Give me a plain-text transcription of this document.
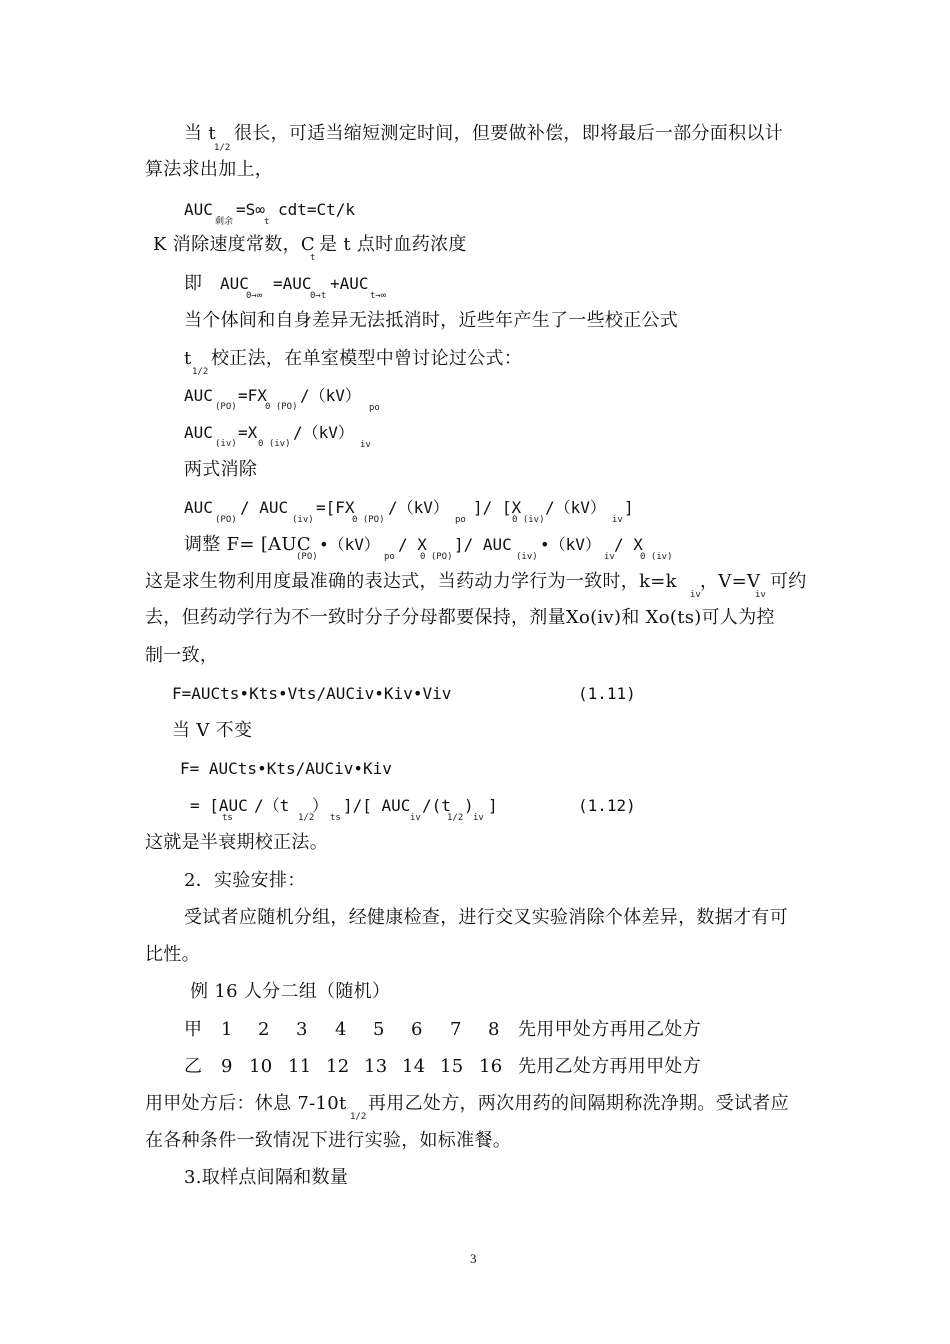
当 t
1/2
很长，可适当缩短测定时间，但要做补偿，即将最后一部分面积以计
算法求出加上，
AUC
剩余
=S∞
t
cdt=Ct/k
K 消除速度常数，C
t
是 t 点时血药浓度
即 AUC
0→∞
=AUC
0→t
+AUC
t→∞
当个体间和自身差异无法抵消时，近些年产生了一些校正公式
t
1/2
校正法，在单室模型中曾讨论过公式：
AUC
(PO)
=FX
0 (PO)
/（kV）
po
AUC
(iv)
=X
0 (iv)
/（kV）
iv
两式消除
AUC
(PO)
/ AUC
(iv)
=[FX
0 (PO)
/（kV）
po
]/ [X
0 (iv)
/（kV）
iv
]
调整 F= [AUC
(PO)
•（kV）
po
/ X
0 (PO)
]/ AUC
(iv)
•（kV）
iv
/ X
0 (iv)
这是求生物利用度最准确的表达式，当药动力学行为一致时，k=k
iv
，V=V
iv
可约
去，但药动学行为不一致时分子分母都要保持，剂量Xo(iv)和 Xo(ts)可人为控
制一致，
F=AUCts•Kts•Vts/AUCiv•Kiv•Viv	(1.11)
当 V 不变
F= AUCts•Kts/AUCiv•Kiv
= [AUC
ts
/（t
1/2
）
ts
]/[ AUC
iv
/(t
1/2
)
iv
]	(1.12)
这就是半衰期校正法。
2．实验安排：
受试者应随机分组，经健康检查，进行交叉实验消除个体差异，数据才有可
比性。
例 16 人分二组（随机）
甲 1 2 3 4 5 6 7 8 先用甲处方再用乙处方
乙 9 10 11 12 13 14 15 16 先用乙处方再用甲处方
用甲处方后：休息 7-10t
1/2
再用乙处方，两次用药的间隔期称洗净期。受试者应
在各种条件一致情况下进行实验，如标准餐。
3.取样点间隔和数量
3
